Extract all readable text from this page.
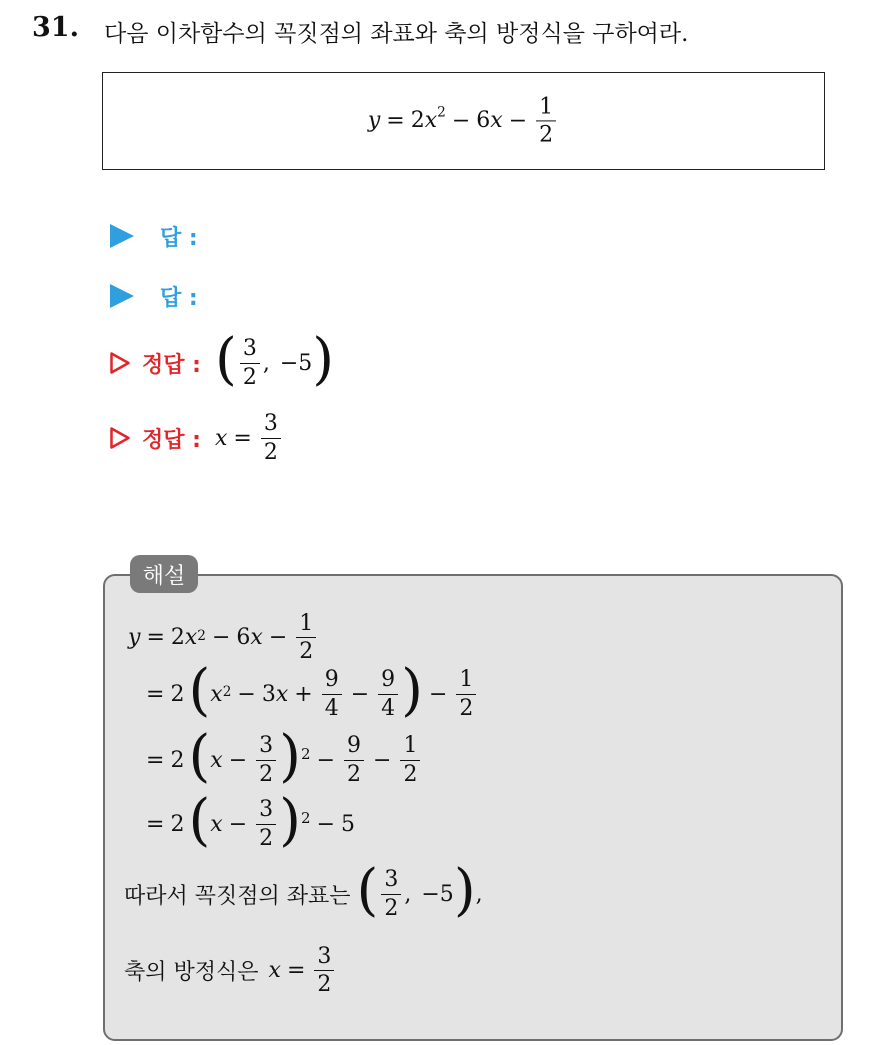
31. 다음 이차함수의 꼭짓점의 좌표와 축의 방정식을 구하여라.
$y = 2x^2 - 6x - \frac{1}{2}$
답 :
답 :
정답 : ( $\frac{3}{2}$ , −5 )
정답 : $x = \frac{3}{2}$
해설
y = 2 $x^2 - 6$ $x - \frac{1}{2}$
= 2 ( $x^2 - 3$ $x + \frac{9}{4} - \frac{9}{4}$ ) − $\frac{1}{2}$
= 2 ( $x - \frac{3}{2}$ ) $2 - \frac{9}{2} - \frac{1}{2}$
= 2 ( $x - \frac{3}{2}$ ) 2 − 5
따라서 꼭짓점의 좌표는 ( $\frac{3}{2}$ , −5 ) ,
축의 방정식은 $x = \frac{3}{2}$
